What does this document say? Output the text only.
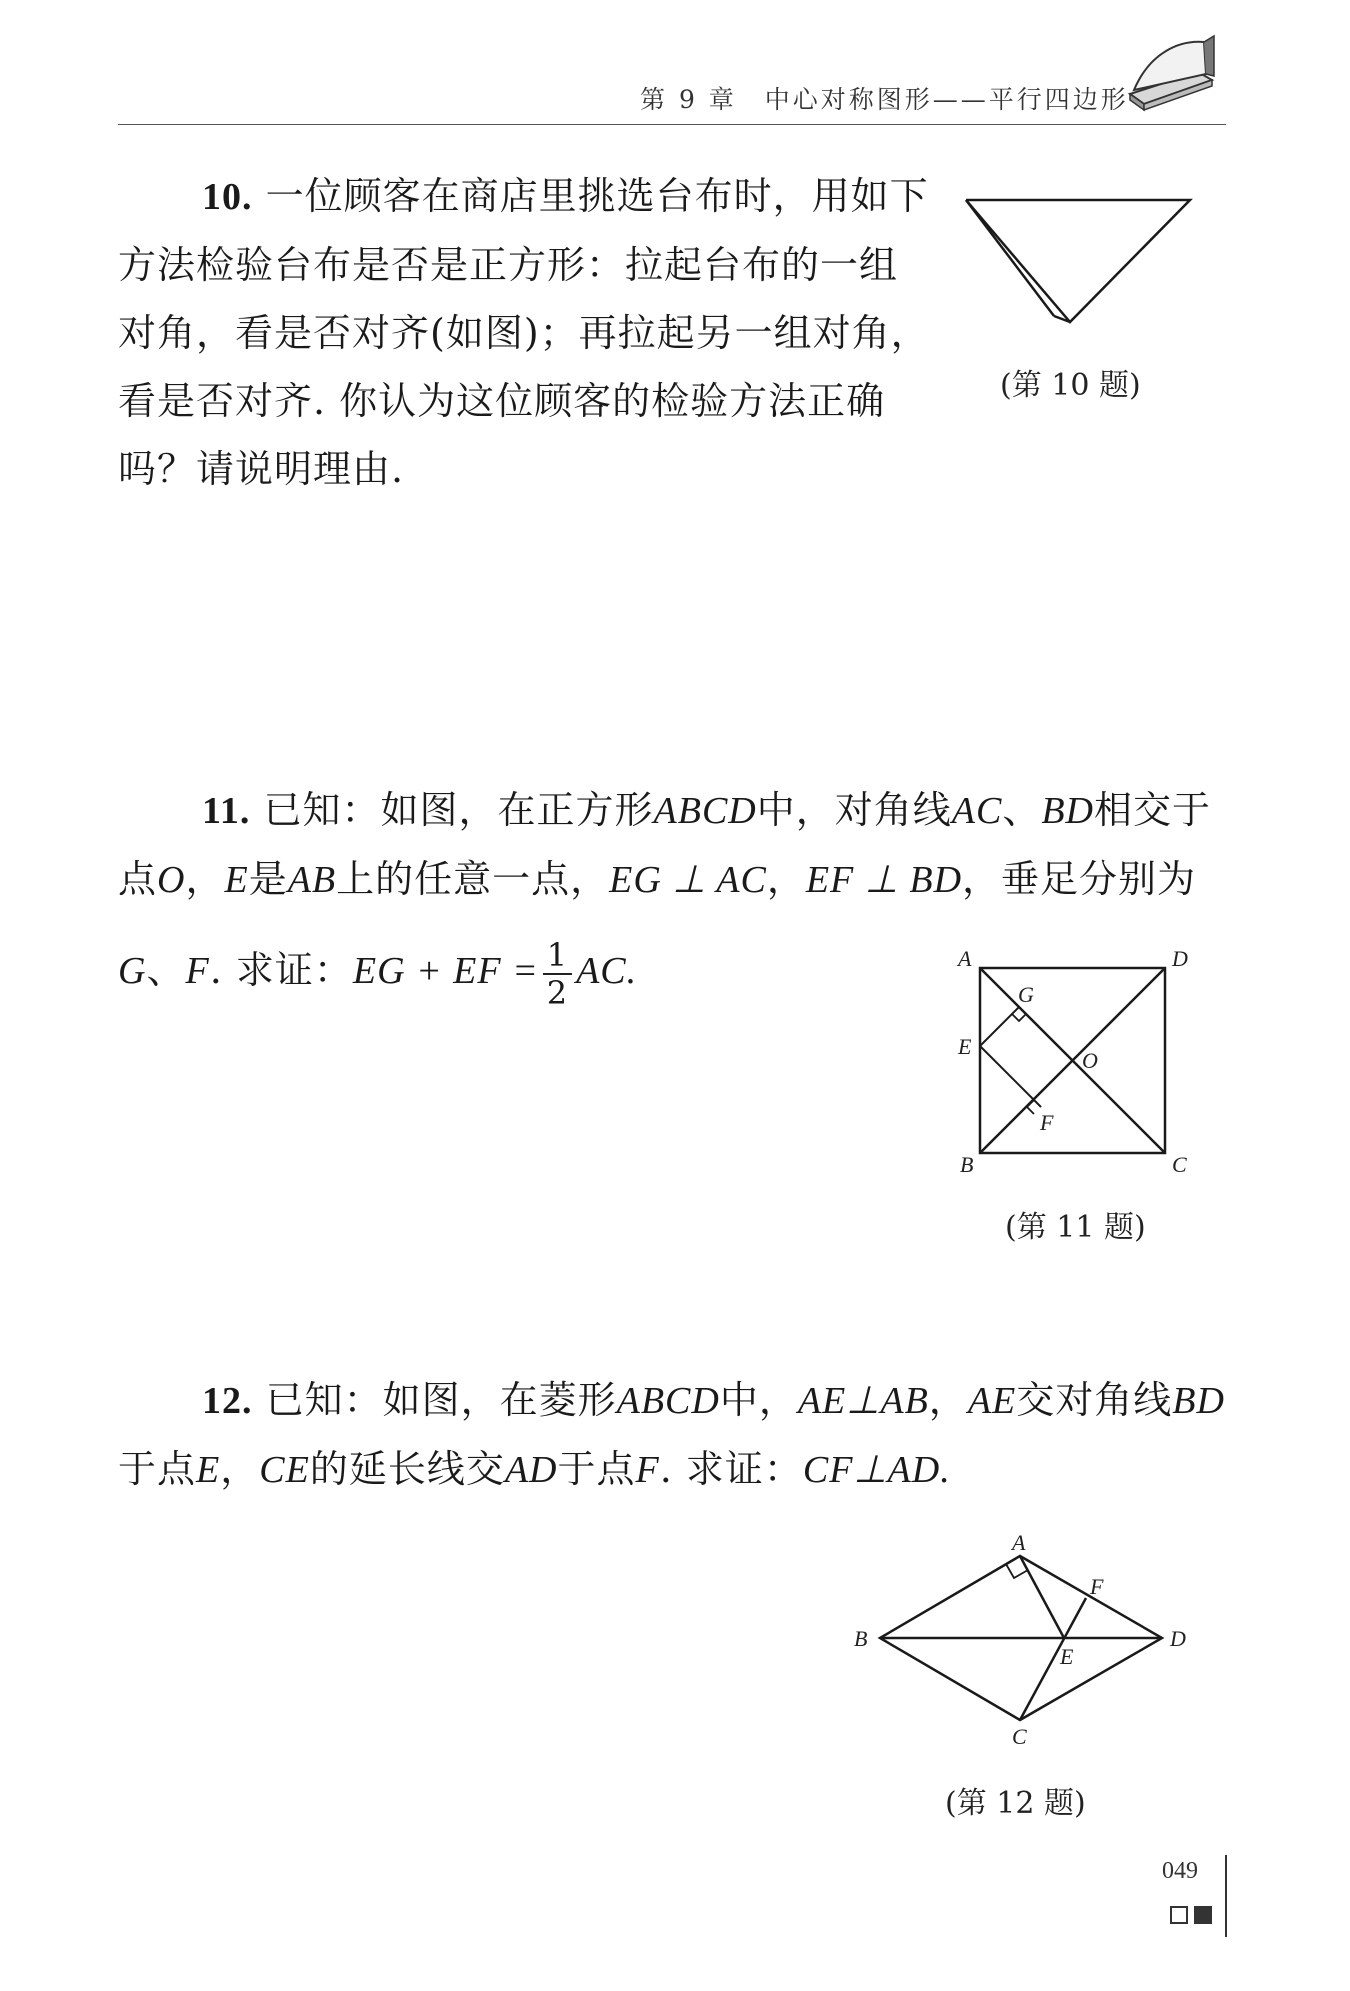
第 9 章　中心对称图形——平行四边形

10. 一位顾客在商店里挑选台布时，用如下方法检验台布是否是正方形：拉起台布的一组对角，看是否对齐(如图)；再拉起另一组对角，看是否对齐. 你认为这位顾客的检验方法正确吗？请说明理由.

(第 10 题)

11. 已知：如图，在正方形ABCD中，对角线AC、BD相交于点O，E是AB上的任意一点，EG ⊥ AC，EF ⊥ BD，垂足分别为

G、F. 求证：EG + EF = $\frac{1}{2}$ AC.	A	D
B	C
E
G
F
O
(第 11 题)

12. 已知：如图，在菱形ABCD中，AE⊥AB，AE交对角线BD于点E，CE的延长线交AD于点F. 求证：CF⊥AD.

A
B	D
C
F
E
(第 12 题)
049
